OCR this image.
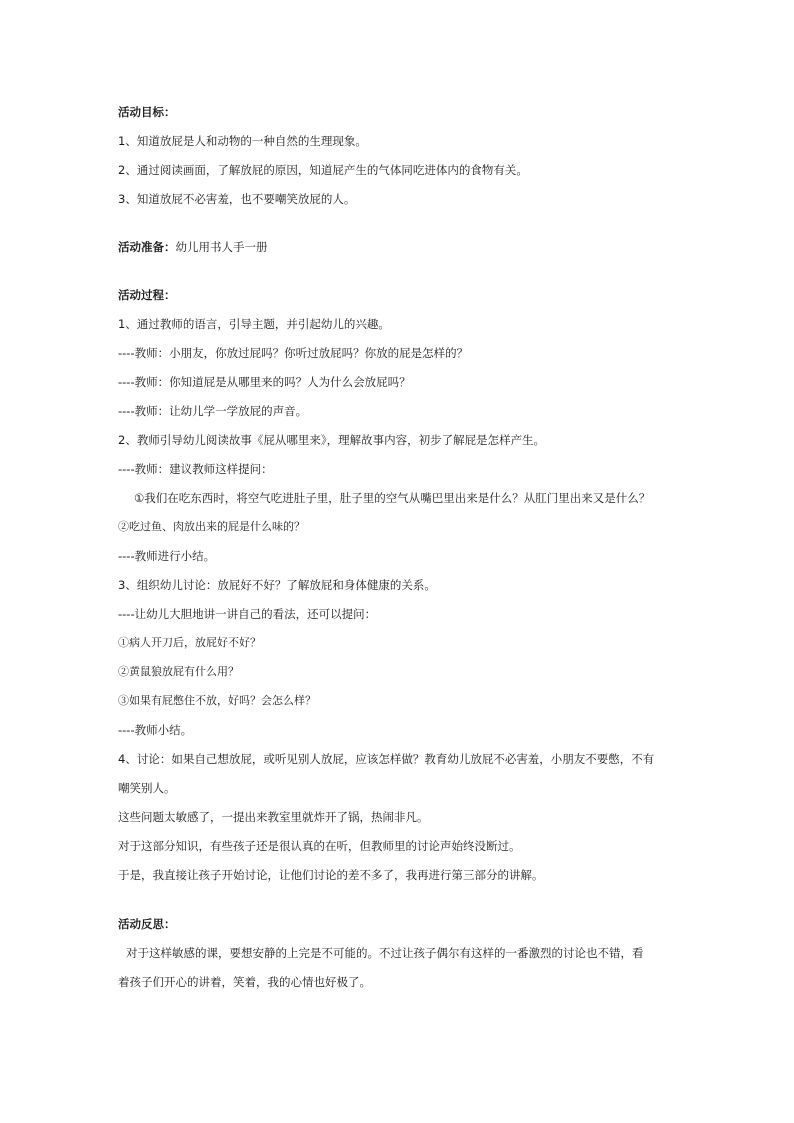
活动目标：
1、知道放屁是人和动物的一种自然的生理现象。
2、通过阅读画面，了解放屁的原因，知道屁产生的气体同吃进体内的食物有关。
3、知道放屁不必害羞，也不要嘲笑放屁的人。
活动准备：幼儿用书人手一册
活动过程：
1、通过教师的语言，引导主题，并引起幼儿的兴趣。
----教师：小朋友，你放过屁吗？你听过放屁吗？你放的屁是怎样的？
----教师：你知道屁是从哪里来的吗？人为什么会放屁吗？
----教师：让幼儿学一学放屁的声音。
2、教师引导幼儿阅读故事《屁从哪里来》，理解故事内容，初步了解屁是怎样产生。
----教师：建议教师这样提问：
①我们在吃东西时，将空气吃进肚子里，肚子里的空气从嘴巴里出来是什么？从肛门里出来又是什么？
②吃过鱼、肉放出来的屁是什么味的？
----教师进行小结。
3、组织幼儿讨论：放屁好不好？了解放屁和身体健康的关系。
----让幼儿大胆地讲一讲自己的看法，还可以提问：
①病人开刀后，放屁好不好？
②黄鼠狼放屁有什么用？
③如果有屁憋住不放，好吗？会怎么样？
----教师小结。
4、讨论：如果自己想放屁，或听见别人放屁，应该怎样做？教育幼儿放屁不必害羞，小朋友不要憋，不有
嘲笑别人。
这些问题太敏感了，一提出来教室里就炸开了锅，热闹非凡。
对于这部分知识，有些孩子还是很认真的在听，但教师里的讨论声始终没断过。
于是，我直接让孩子开始讨论，让他们讨论的差不多了，我再进行第三部分的讲解。
活动反思：
对于这样敏感的课，要想安静的上完是不可能的。不过让孩子偶尔有这样的一番激烈的讨论也不错，看
着孩子们开心的讲着，笑着，我的心情也好极了。
